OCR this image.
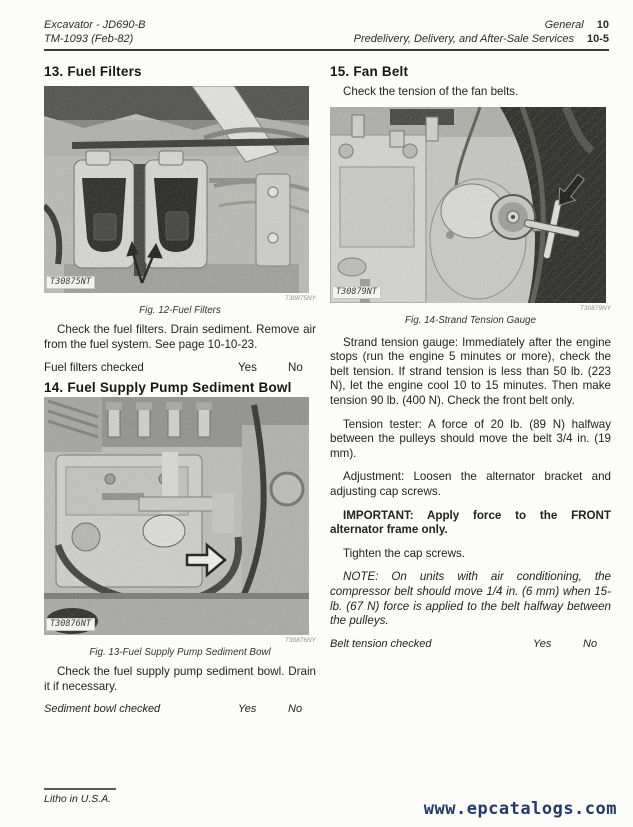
Excavator - JD690-B
TM-1093 (Feb-82)
General 10
Predelivery, Delivery, and After-Sale Services 10-5
13. Fuel Filters
T30875NT
T30875NY
Fig. 12-Fuel Filters

Check the fuel filters. Drain sediment. Remove air from the fuel system. See page 10-10-23.

Fuel filters checked	Yes	No
14. Fuel Supply Pump Sediment Bowl
T30876NT
T30876NY
Fig. 13-Fuel Supply Pump Sediment Bowl

Check the fuel supply pump sediment bowl. Drain it if necessary.

Sediment bowl checked	Yes	No
15. Fan Belt

Check the tension of the fan belts.

T30879NT
T30879NY
Fig. 14-Strand Tension Gauge

Strand tension gauge: Immediately after the engine stops (run the engine 5 minutes or more), check the belt tension. If strand tension is less than 50 lb. (223 N), let the engine cool 10 to 15 minutes. Then make tension 90 lb. (400 N). Check the front belt only.

Tension tester: A force of 20 lb. (89 N) halfway between the pulleys should move the belt 3/4 in. (19 mm).

Adjustment: Loosen the alternator bracket and adjusting cap screws.

IMPORTANT: Apply force to the FRONT alternator frame only.

Tighten the cap screws.

NOTE: On units with air conditioning, the compressor belt should move 1/4 in. (6 mm) when 15-lb. (67 N) force is applied to the belt halfway between the pulleys.

Belt tension checked	Yes	No
Litho in U.S.A.	www.epcatalogs.com
